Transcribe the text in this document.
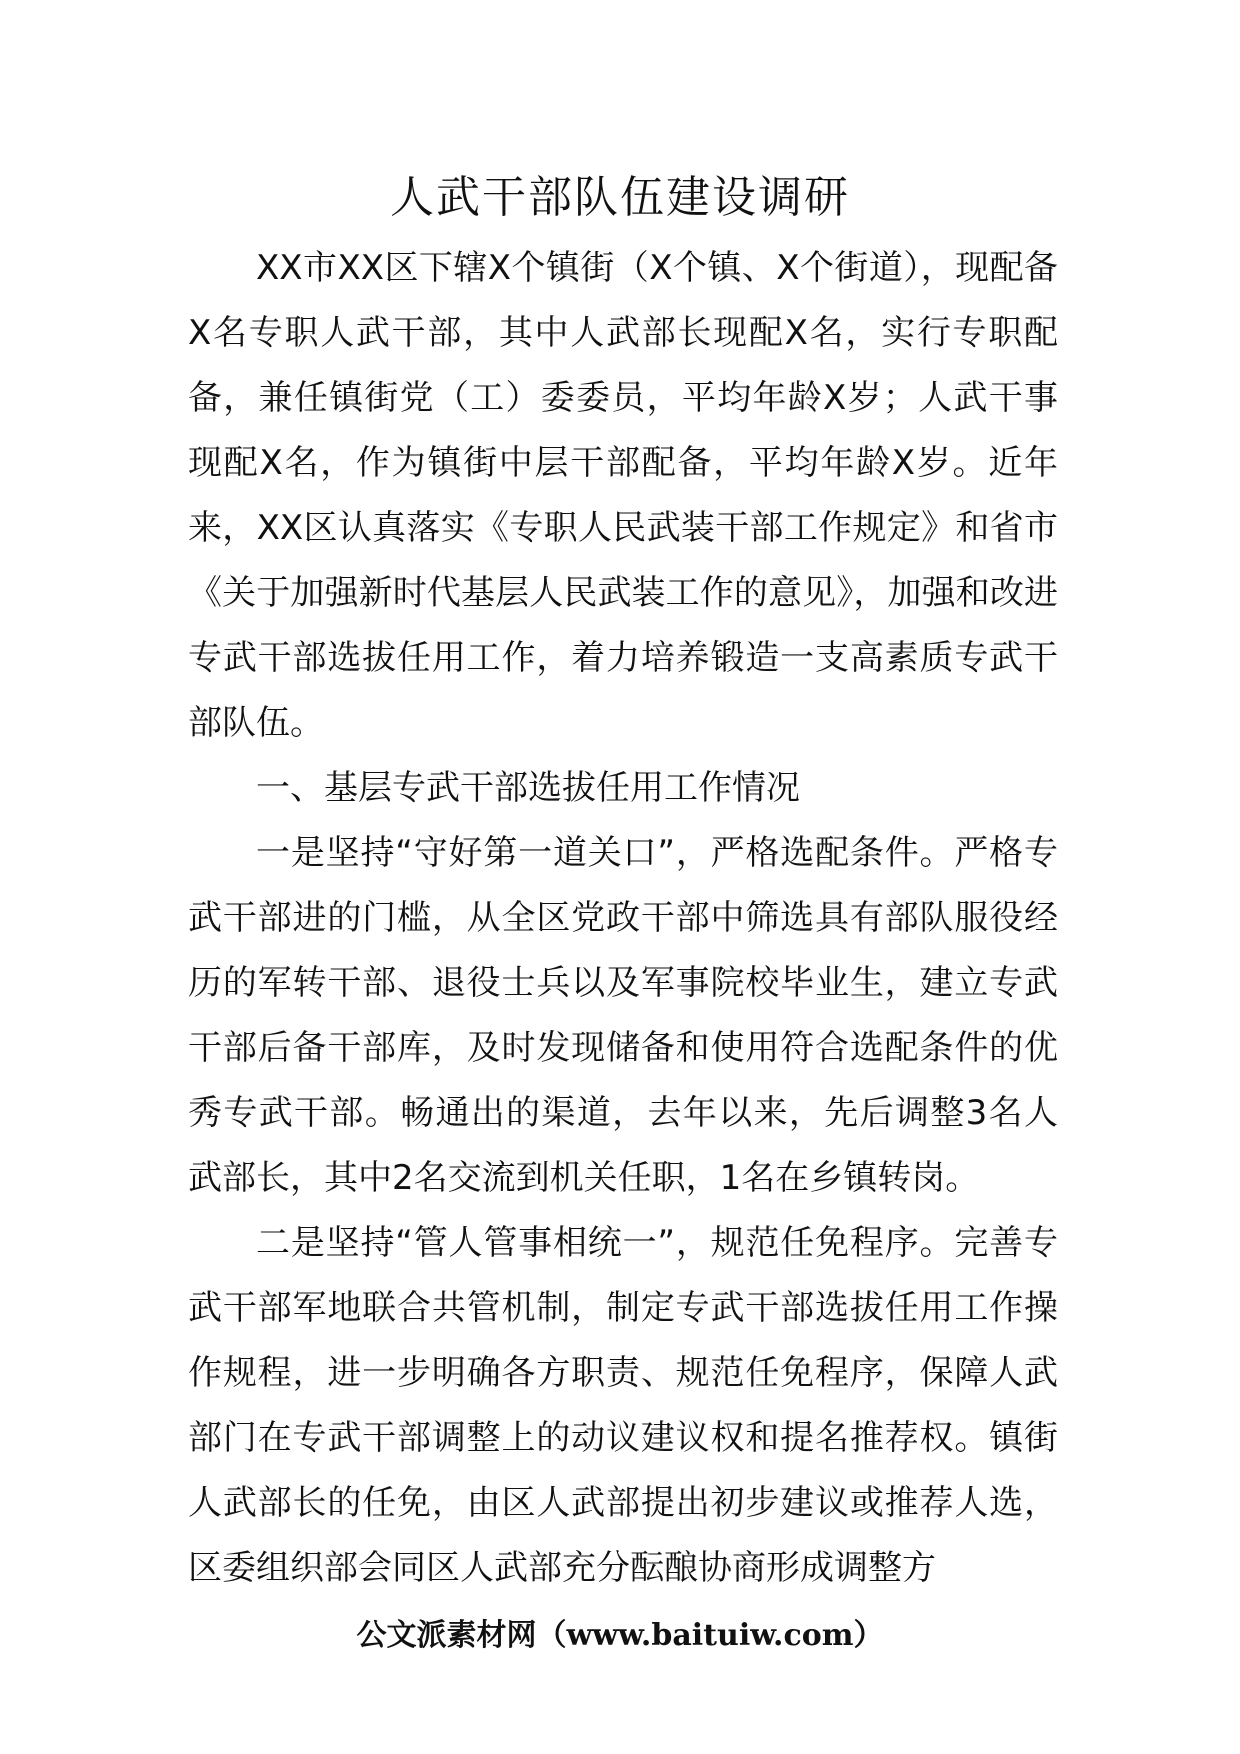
人武干部队伍建设调研

XX市XX区下辖X个镇街（X个镇、X个街道），现配备X名专职人武干部，其中人武部长现配X名，实行专职配备，兼任镇街党（工）委委员，平均年龄X岁；人武干事现配X名，作为镇街中层干部配备，平均年龄X岁。近年来，XX区认真落实《专职人民武装干部工作规定》和省市《关于加强新时代基层人民武装工作的意见》，加强和改进专武干部选拔任用工作，着力培养锻造一支高素质专武干部队伍。

一、基层专武干部选拔任用工作情况

一是坚持“守好第一道关口”，严格选配条件。严格专武干部进的门槛，从全区党政干部中筛选具有部队服役经历的军转干部、退役士兵以及军事院校毕业生，建立专武干部后备干部库，及时发现储备和使用符合选配条件的优秀专武干部。畅通出的渠道，去年以来，先后调整3名人武部长，其中2名交流到机关任职，1名在乡镇转岗。

二是坚持“管人管事相统一”，规范任免程序。完善专武干部军地联合共管机制，制定专武干部选拔任用工作操作规程，进一步明确各方职责、规范任免程序，保障人武部门在专武干部调整上的动议建议权和提名推荐权。镇街人武部长的任免，由区人武部提出初步建议或推荐人选，区委组织部会同区人武部充分酝酿协商形成调整方

公文派素材网（www.baituiw.com）
